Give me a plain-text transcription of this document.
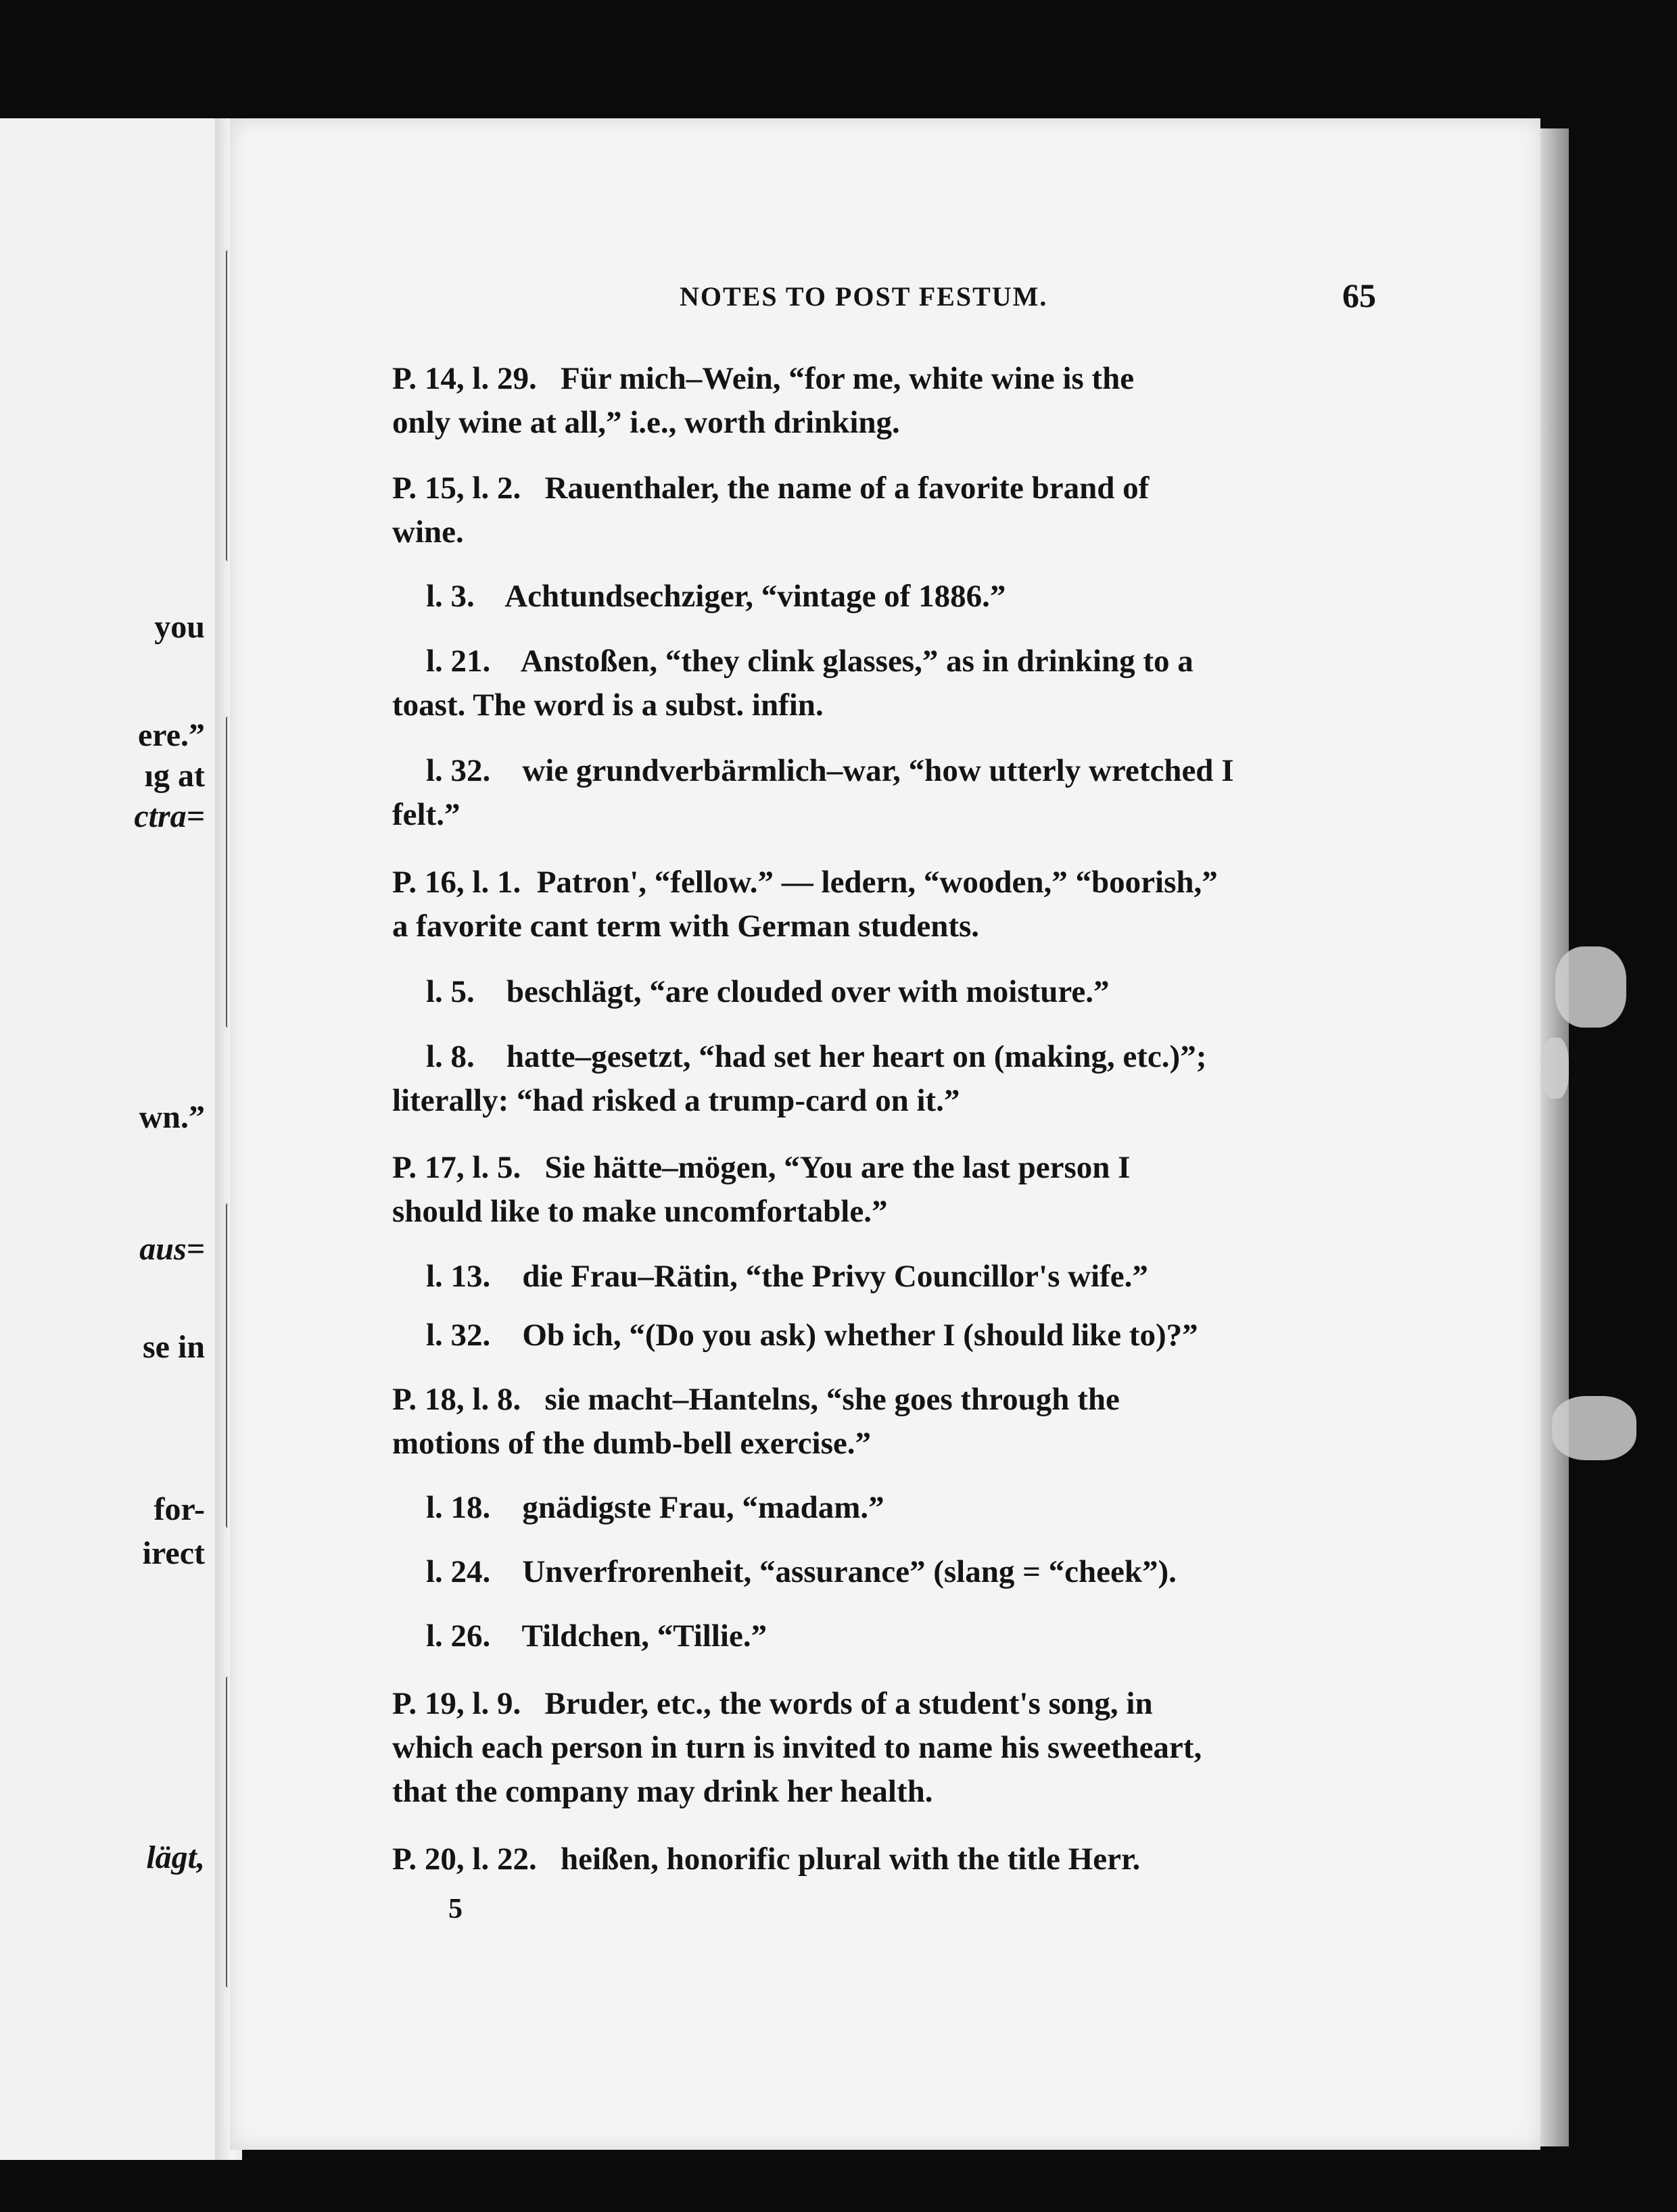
you
ere.”
ıg at
ctra=
wn.”
aus=
se in
for-
irect
lägt,
NOTES TO POST FESTUM.	65
P. 14, l. 29. Für mich–Wein, “for me, white wine is the
only wine at all,” i.e., worth drinking.
P. 15, l. 2. Rauenthaler, the name of a favorite brand of
wine.
l. 3. Achtundsechziger, “vintage of 1886.”
l. 21. Anstoßen, “they clink glasses,” as in drinking to a
toast. The word is a subst. infin.
l. 32. wie grundverbärmlich–war, “how utterly wretched I
felt.”
P. 16, l. 1. Patron', “fellow.” — ledern, “wooden,” “boorish,”
a favorite cant term with German students.
l. 5. beschlägt, “are clouded over with moisture.”
l. 8. hatte–gesetzt, “had set her heart on (making, etc.)”;
literally: “had risked a trump-card on it.”
P. 17, l. 5. Sie hätte–mögen, “You are the last person I
should like to make uncomfortable.”
l. 13. die Frau–Rätin, “the Privy Councillor's wife.”
l. 32. Ob ich, “(Do you ask) whether I (should like to)?”
P. 18, l. 8. sie macht–Hantelns, “she goes through the
motions of the dumb-bell exercise.”
l. 18. gnädigste Frau, “madam.”
l. 24. Unverfrorenheit, “assurance” (slang = “cheek”).
l. 26. Tildchen, “Tillie.”
P. 19, l. 9. Bruder, etc., the words of a student's song, in
which each person in turn is invited to name his sweetheart,
that the company may drink her health.
P. 20, l. 22. heißen, honorific plural with the title Herr.
5
